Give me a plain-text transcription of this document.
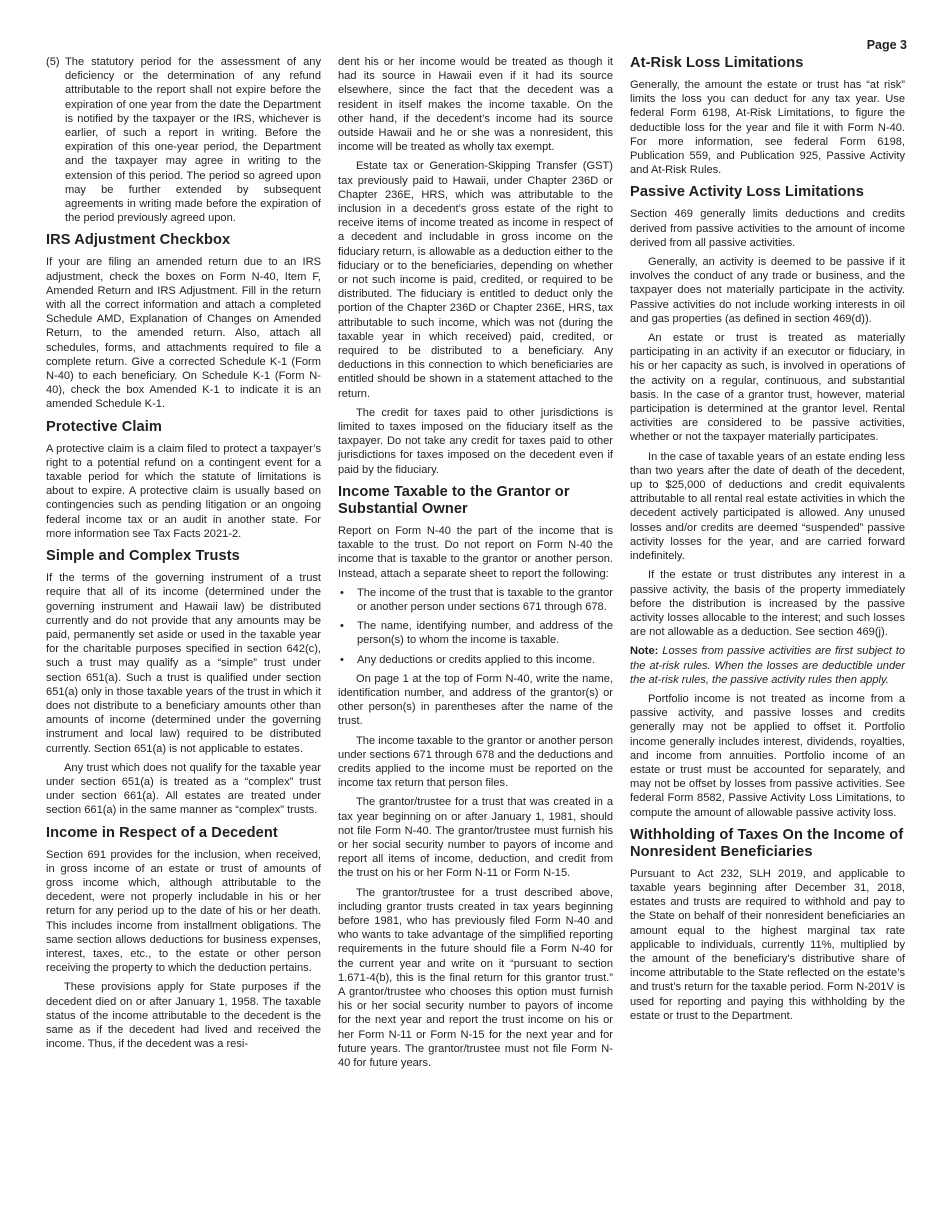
Page 3
(5) The statutory period for the assessment of any deficiency or the determination of any refund attributable to the report shall not expire before the expiration of one year from the date the Department is notified by the taxpayer or the IRS, whichever is earlier, of such a report in writing. Before the expiration of this one-year period, the Department and the taxpayer may agree in writing to the extension of this period. The period so agreed upon may be further extended by subsequent agreements in writing made before the expiration of the period previously agreed upon.
IRS Adjustment Checkbox

If your are filing an amended return due to an IRS adjustment, check the boxes on Form N-40, Item F, Amended Return and IRS Adjustment. Fill in the return with all the correct information and attach a completed Schedule AMD, Explanation of Changes on Amended Return, to the amended return. Also, attach all schedules, forms, and attachments required to file a complete return. Give a corrected Schedule K-1 (Form N-40) to each beneficiary. On Schedule K-1 (Form N-40), check the box Amended K-1 to indicate it is an amended Schedule K-1.

Protective Claim

A protective claim is a claim filed to protect a taxpayer’s right to a potential refund on a contingent event for a taxable period for which the statute of limitations is about to expire. A protective claim is usually based on contingencies such as pending litigation or an ongoing federal income tax or an audit in another state. For more information see Tax Facts 2021-2.

Simple and Complex Trusts

If the terms of the governing instrument of a trust require that all of its income (determined under the governing instrument and Hawaii law) be distributed currently and do not provide that any amounts may be paid, permanently set aside or used in the taxable year for the charitable purposes specified in section 642(c), such a trust may qualify as a “simple” trust under section 651(a). Such a trust is qualified under section 651(a) only in those taxable years of the trust in which it does not distribute to a beneficiary amounts other than amounts of income (determined under the governing instrument and local law) required to be distributed currently. Section 651(a) is not applicable to estates.

Any trust which does not qualify for the taxable year under section 651(a) is treated as a “complex” trust under section 661(a). All estates are treated under section 661(a) in the same manner as “complex” trusts.

Income in Respect of a Decedent

Section 691 provides for the inclusion, when received, in gross income of an estate or trust of amounts of gross income which, although attributable to the decedent, were not properly includable in his or her return for any period up to the date of his or her death. This includes income from installment obligations. The same section allows deductions for business expenses, interest, taxes, etc., to the estate or other person receiving the property to which the deduction pertains.

These provisions apply for State purposes if the decedent died on or after January 1, 1958. The taxable status of the income attributable to the decedent is the same as if the decedent had lived and received the income. Thus, if the decedent was a resi-

dent his or her income would be treated as though it had its source in Hawaii even if it had its source elsewhere, since the fact that the decedent was a resident in itself makes the income taxable. On the other hand, if the decedent’s income had its source outside Hawaii and he or she was a nonresident, this income will be treated as wholly tax exempt.

Estate tax or Generation-Skipping Transfer (GST) tax previously paid to Hawaii, under Chapter 236D or Chapter 236E, HRS, which was attributable to the inclusion in a decedent’s gross estate of the right to receive items of income treated as income in respect of a decedent and includable in gross income on the fiduciary return, is allowable as a deduction either to the fiduciary or to the beneficiaries, depending on whether or not such income is paid, credited, or required to be distributed. The fiduciary is entitled to deduct only the portion of the Chapter 236D or Chapter 236E, HRS, tax attributable to such income, which was not (during the taxable year in which received) paid, credited, or required to be distributed to a beneficiary. Any deductions in this connection to which beneficiaries are entitled should be shown in a statement attached to the return.

The credit for taxes paid to other jurisdictions is limited to taxes imposed on the fiduciary itself as the taxpayer. Do not take any credit for taxes paid to other jurisdictions for taxes imposed on the decedent even if paid by the fiduciary.

Income Taxable to the Grantor or Substantial Owner

Report on Form N-40 the part of the income that is taxable to the trust. Do not report on Form N-40 the income that is taxable to the grantor or another person. Instead, attach a separate sheet to report the following:

•	The income of the trust that is taxable to the grantor or another person under sections 671 through 678.
•	The name, identifying number, and address of the person(s) to whom the income is taxable.
•	Any deductions or credits applied to this income.

On page 1 at the top of Form N-40, write the name, identification number, and address of the grantor(s) or other person(s) in parentheses after the name of the trust.

The income taxable to the grantor or another person under sections 671 through 678 and the deductions and credits applied to the income must be reported on the income tax return that person files.

The grantor/trustee for a trust that was created in a tax year beginning on or after January 1, 1981, should not file Form N-40. The grantor/trustee must furnish his or her social security number to payors of income and report all items of income, deduction, and credit from the trust on his or her Form N-11 or Form N-15.

The grantor/trustee for a trust described above, including grantor trusts created in tax years beginning before 1981, who has previously filed Form N-40 and who wants to take advantage of the simplified reporting requirements in the future should file a Form N-40 for the current year and write on it “pursuant to section 1.671-4(b), this is the final return for this grantor trust.” A grantor/trustee who chooses this option must furnish his or her social security number to payors of income for the next year and report the trust income on his or her Form N-11 or Form N-15 for the next year and for future years. The grantor/trustee must not file Form N-40 for future years.

At-Risk Loss Limitations

Generally, the amount the estate or trust has “at risk” limits the loss you can deduct for any tax year. Use federal Form 6198, At-Risk Limitations, to figure the deductible loss for the year and file it with Form N-40. For more information, see federal Form 6198, Publication 559, and Publication 925, Passive Activity and At-Risk Rules.

Passive Activity Loss Limitations

Section 469 generally limits deductions and credits derived from passive activities to the amount of income derived from all passive activities.

Generally, an activity is deemed to be passive if it involves the conduct of any trade or business, and the taxpayer does not materially participate in the activity. Passive activities do not include working interests in oil and gas properties (as defined in section 469(d)).

An estate or trust is treated as materially participating in an activity if an executor or fiduciary, in his or her capacity as such, is involved in operations of the activity on a regular, continuous, and substantial basis. In the case of a grantor trust, however, material participation is determined at the grantor level. Rental activities are considered to be passive activities, whether or not the taxpayer materially participates.

In the case of taxable years of an estate ending less than two years after the date of death of the decedent, up to $25,000 of deductions and credit equivalents attributable to all rental real estate activities in which the decedent actively participated is allowed. Any unused losses and/or credits are deemed “suspended” passive activity losses for the year, and are carried forward indefinitely.

If the estate or trust distributes any interest in a passive activity, the basis of the property immediately before the distribution is increased by the passive activity losses allocable to the interest; and such losses are not allowable as a deduction. See section 469(j).

Note: Losses from passive activities are first subject to the at-risk rules. When the losses are deductible under the at-risk rules, the passive activity rules then apply.

Portfolio income is not treated as income from a passive activity, and passive losses and credits generally may not be applied to offset it. Portfolio income generally includes interest, dividends, royalties, and income from annuities. Portfolio income of an estate or trust must be accounted for separately, and may not be offset by losses from passive activities. See federal Form 8582, Passive Activity Loss Limitations, to compute the amount of allowable passive activity loss.

Withholding of Taxes On the Income of Nonresident Beneficiaries

Pursuant to Act 232, SLH 2019, and applicable to taxable years beginning after December 31, 2018, estates and trusts are required to withhold and pay to the State on behalf of their nonresident beneficiaries an amount equal to the highest marginal tax rate applicable to individuals, currently 11%, multiplied by the amount of the beneficiary’s distributive share of income attributable to the State reflected on the estate’s and trust’s return for the taxable period. Form N-201V is used for reporting and paying this withholding by the estate or trust to the Department.
